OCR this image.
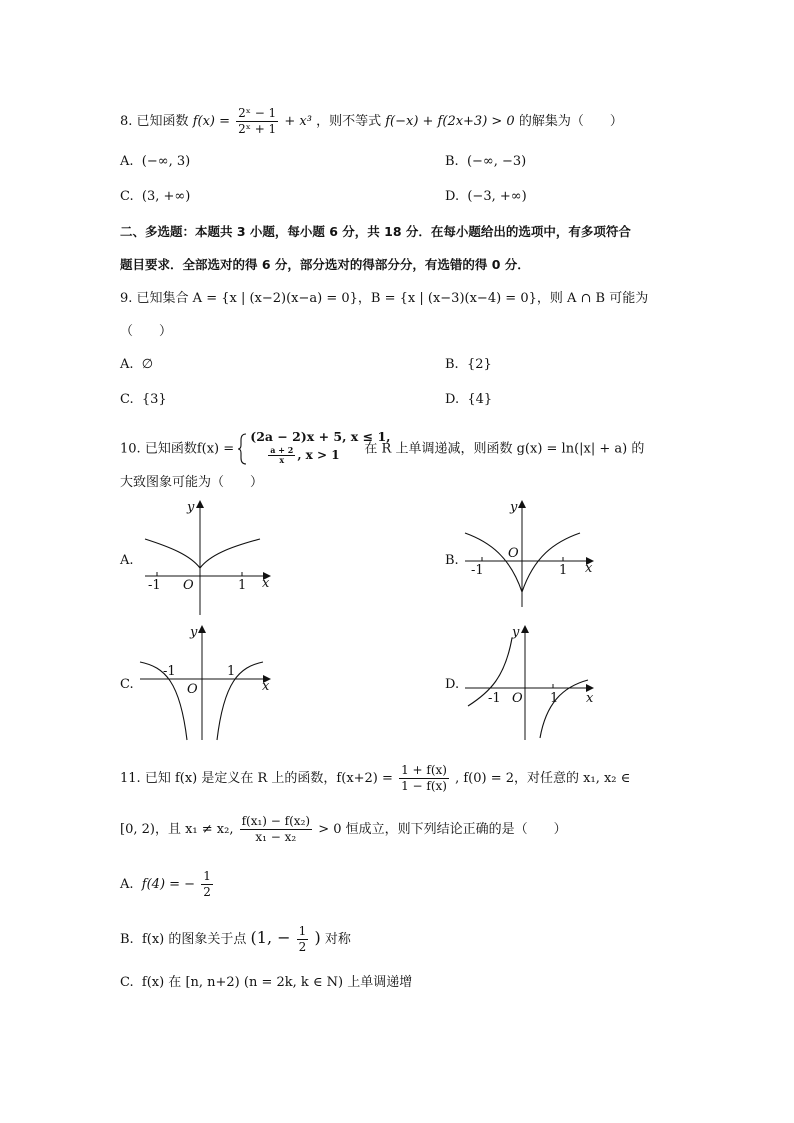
8. 已知函数 $f(x) = \frac{\text{2ˣ − 1}}{\text{2ˣ + 1}} + x^3$ ，则不等式 f(−x) + f(2x+3) > 0 的解集为（　　）
A. (−∞, 3)	B. (−∞, −3)
C. (3, +∞)	D. (−3, +∞)
二、多选题：本题共 3 小题，每小题 6 分，共 18 分．在每小题给出的选项中，有多项符合
题目要求．全部选对的得 6 分，部分选对的得部分分，有选错的得 0 分．
9. 已知集合 A = {x | (x−2)(x−a) = 0}，B = {x | (x−3)(x−4) = 0}，则 A ∩ B 可能为
（　　）
A. ∅	B. {2}
C. {3}	D. {4}
10. 已知函数f(x) =
(2a − 2)x + 5, x ≤ 1,
$\frac{a + 2}{x}$ , x > 1 在 R 上单调递减，则函数 g(x) = ln(|x| + a) 的
大致图象可能为（　　）
A.	B.
C.	D.
-1	1
O	x
y
-1	1
O
x
y
-1	1
O	x
y
-1	1
O	x
y
11. 已知 f(x) 是定义在 R 上的函数，$f(x+2) = \frac{1 + f(x)}{1 - f(x)}$ , f(0) = 2，对任意的 x₁, x₂ ∈
[0, 2)，且 x₁ ≠ x₂, $\frac{\text{f(x₁) − f(x₂)}}{\text{x₁ − x₂}} > 0$ 恒成立，则下列结论正确的是（　　）
A. f(4) = − $\frac{1}{2}$
B. f(x) 的图象关于点 (1, − $\frac{1}{2}$ ) 对称
C. f(x) 在 [n, n+2) (n = 2k, k ∈ N) 上单调递增
